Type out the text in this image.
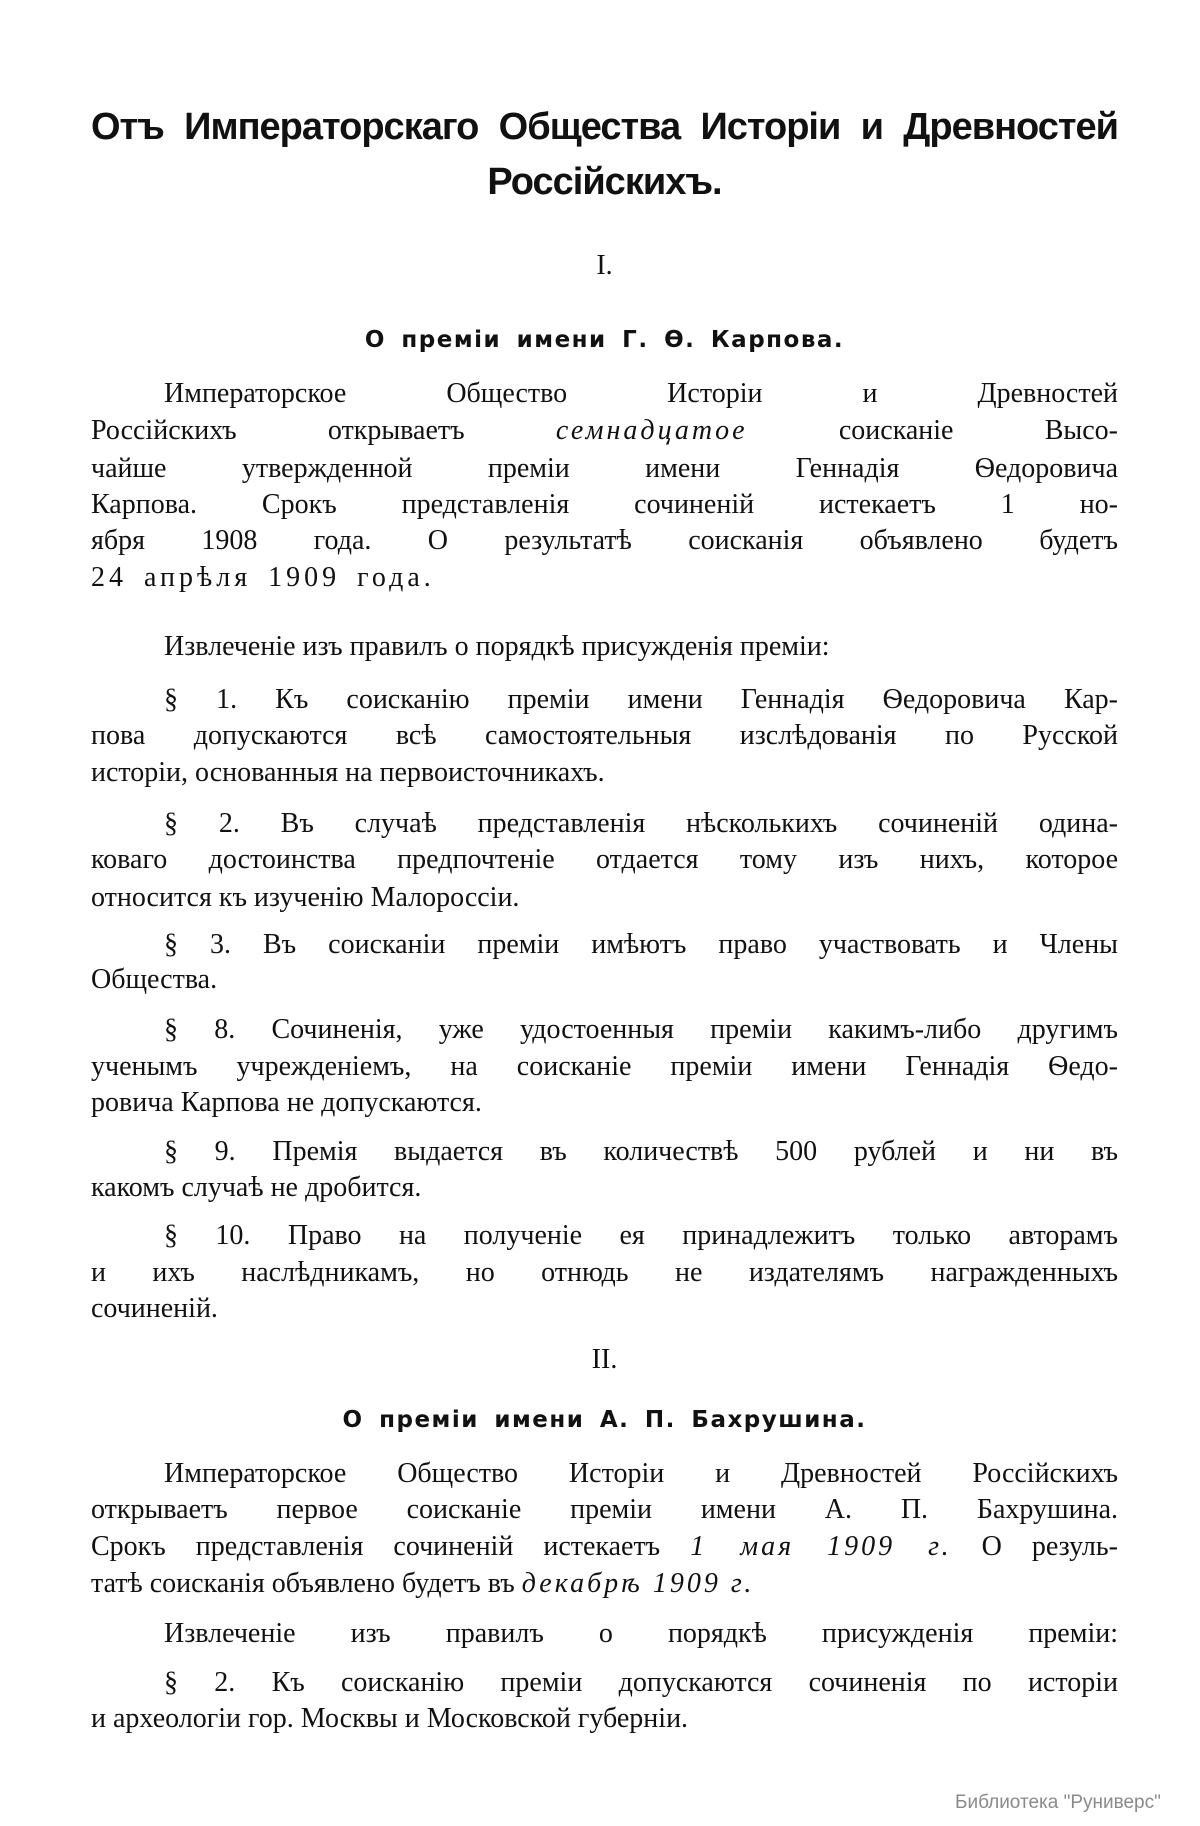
Отъ Императорскаго Общества Исторіи и Древностей
Россійскихъ.
I.
О преміи имени Г. Ѳ. Карпова.
Императорское Общество Исторіи и Древностей
Россійскихъ открываетъ семнадцатое соисканіе Высо-
чайше утвержденной преміи имени Геннадія Ѳедоровича
Карпова. Срокъ представленія сочиненій истекаетъ 1 но-
ября 1908 года. О результатѣ соисканія объявлено будетъ
24 апрѣля 1909 года.
Извлеченіе изъ правилъ о порядкѣ присужденія преміи:
§ 1. Къ соисканію преміи имени Геннадія Ѳедоровича Кар-
пова допускаются всѣ самостоятельныя изслѣдованія по Русской
исторіи, основанныя на первоисточникахъ.
§ 2. Въ случаѣ представленія нѣсколькихъ сочиненій одина-
коваго достоинства предпочтеніе отдается тому изъ нихъ, которое
относится къ изученію Малороссіи.
§ 3. Въ соисканіи преміи имѣютъ право участвовать и Члены
Общества.
§ 8. Сочиненія, уже удостоенныя преміи какимъ-либо другимъ
ученымъ учрежденіемъ, на соисканіе преміи имени Геннадія Ѳедо-
ровича Карпова не допускаются.
§ 9. Премія выдается въ количествѣ 500 рублей и ни въ
какомъ случаѣ не дробится.
§ 10. Право на полученіе ея принадлежитъ только авторамъ
и ихъ наслѣдникамъ, но отнюдь не издателямъ награжденныхъ
сочиненій.
II.
О преміи имени А. П. Бахрушина.
Императорское Общество Исторіи и Древностей Россійскихъ
открываетъ первое соисканіе преміи имени А. П. Бахрушина.
Срокъ представленія сочиненій истекаетъ 1 мая 1909 г. О резуль-
татѣ соисканія объявлено будетъ въ декабрѣ 1909 г.
Извлеченіе изъ правилъ о порядкѣ присужденія преміи:
§ 2. Къ соисканію преміи допускаются сочиненія по исторіи
и археологіи гор. Москвы и Московской губерніи.
Библиотека "Руниверс"
